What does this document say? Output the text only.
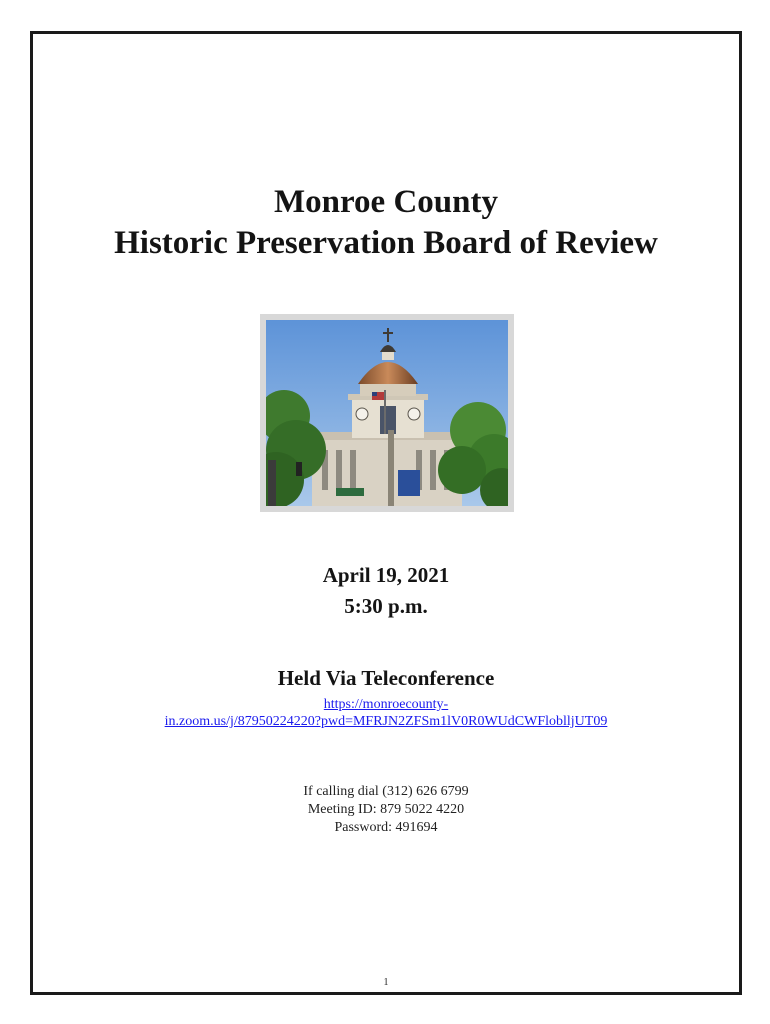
Monroe County
Historic Preservation Board of Review
April 19, 2021
5:30 p.m.
Held Via Teleconference
https://monroecounty-
in.zoom.us/j/87950224220?pwd=MFRJN2ZFSm1lV0R0WUdCWFloblljUT09
If calling dial (312) 626 6799
Meeting ID: 879 5022 4220
Password: 491694
1
